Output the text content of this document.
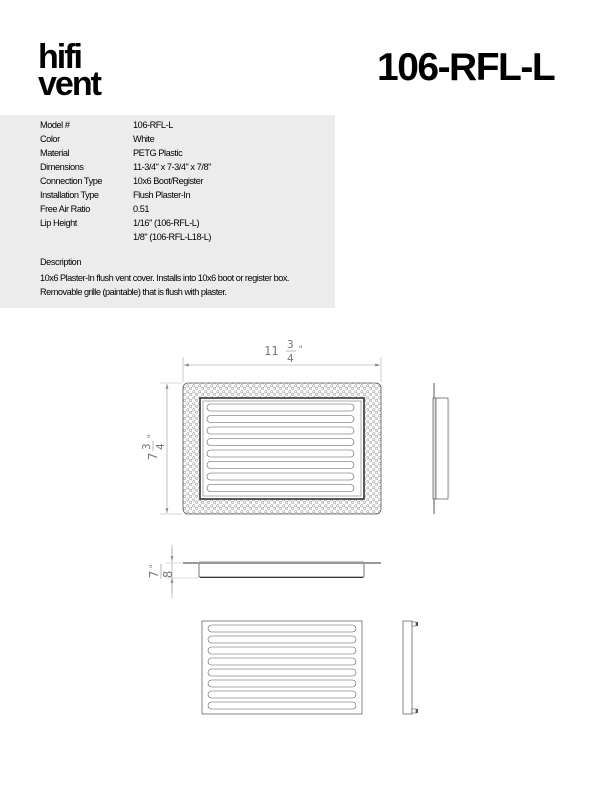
hifi
vent	106-RFL-L
Model #	106-RFL-L
Color	White
Material	PETG Plastic
Dimensions	11-3/4" x 7-3/4" x 7/8"
Connection Type	10x6 Boot/Register
Installation Type	Flush Plaster-In
Free Air Ratio	0.51
Lip Height	1/16" (106-RFL-L)
1/8" (106-RFL-L18-L)
Description
10x6 Plaster-In flush vent cover. Installs into 10x6 boot or register box.
Removable grille (paintable) that is flush with plaster.
11 3
4
"
7
3 4
"
7 8
"
